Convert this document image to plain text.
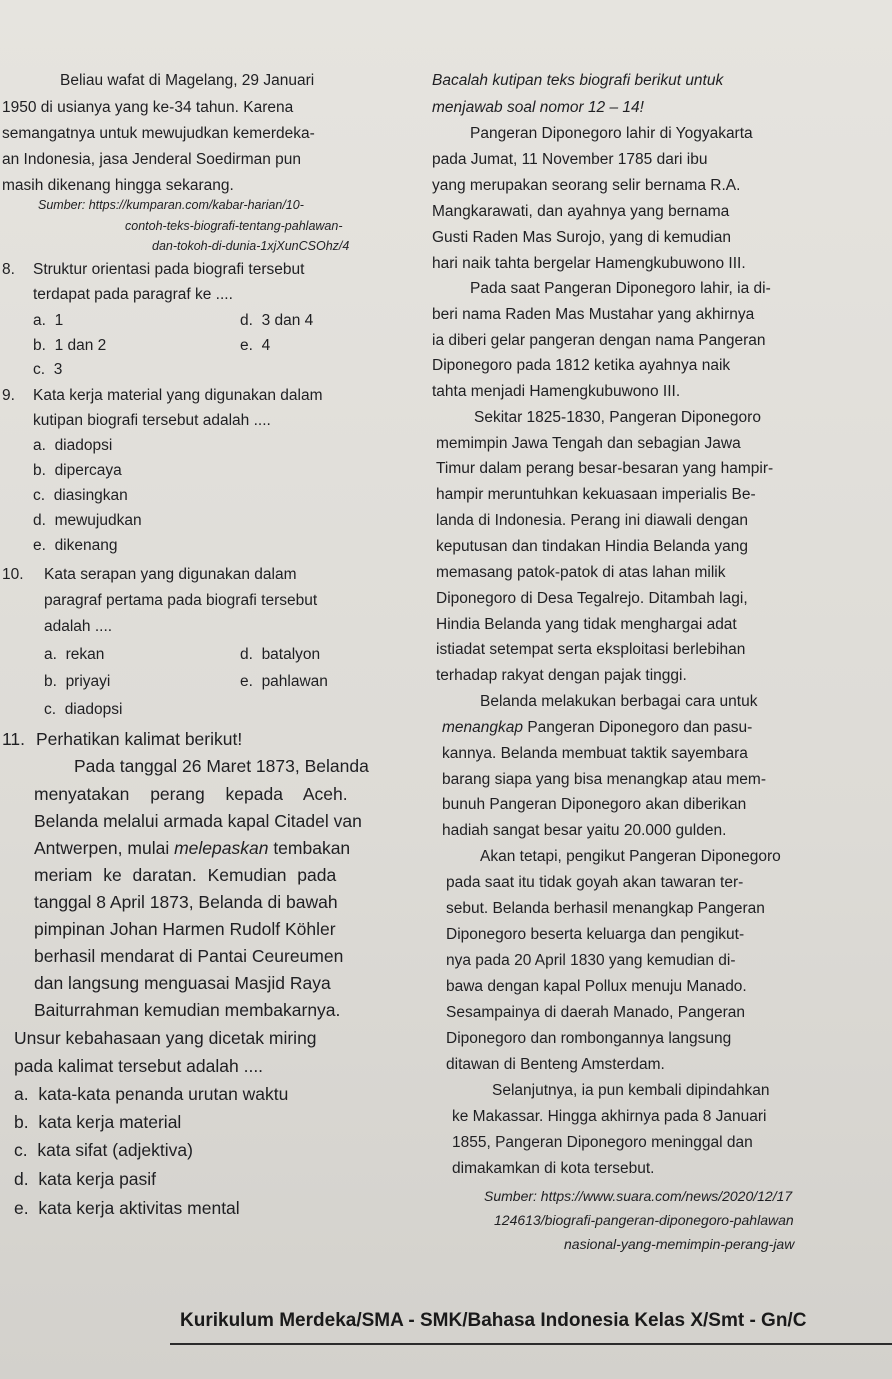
Beliau wafat di Magelang, 29 Januari
1950 di usianya yang ke-34 tahun. Karena
semangatnya untuk mewujudkan kemerdeka-
an Indonesia, jasa Jenderal Soedirman pun
masih dikenang hingga sekarang.
Sumber: https://kumparan.com/kabar-harian/10-
contoh-teks-biografi-tentang-pahlawan-
dan-tokoh-di-dunia-1xjXunCSOhz/4
8. Struktur orientasi pada biografi tersebut
terdapat pada paragraf ke ....
a. 1	d. 3 dan 4
b. 1 dan 2	e. 4
c. 3
9. Kata kerja material yang digunakan dalam
kutipan biografi tersebut adalah ....
a. diadopsi
b. dipercaya
c. diasingkan
d. mewujudkan
e. dikenang
10. Kata serapan yang digunakan dalam
paragraf pertama pada biografi tersebut
adalah ....
a. rekan	d. batalyon
b. priyayi	e. pahlawan
c. diadopsi
11. Perhatikan kalimat berikut!
Pada tanggal 26 Maret 1873, Belanda
menyatakan perang kepada Aceh.
Belanda melalui armada kapal Citadel van
Antwerpen, mulai melepaskan tembakan
meriam ke daratan. Kemudian pada
tanggal 8 April 1873, Belanda di bawah
pimpinan Johan Harmen Rudolf Köhler
berhasil mendarat di Pantai Ceureumen
dan langsung menguasai Masjid Raya
Baiturrahman kemudian membakarnya.
Unsur kebahasaan yang dicetak miring
pada kalimat tersebut adalah ....
a. kata-kata penanda urutan waktu
b. kata kerja material
c. kata sifat (adjektiva)
d. kata kerja pasif
e. kata kerja aktivitas mental
Bacalah kutipan teks biografi berikut untuk
menjawab soal nomor 12 – 14!
Pangeran Diponegoro lahir di Yogyakarta
pada Jumat, 11 November 1785 dari ibu
yang merupakan seorang selir bernama R.A.
Mangkarawati, dan ayahnya yang bernama
Gusti Raden Mas Surojo, yang di kemudian
hari naik tahta bergelar Hamengkubuwono III.
Pada saat Pangeran Diponegoro lahir, ia di-
beri nama Raden Mas Mustahar yang akhirnya
ia diberi gelar pangeran dengan nama Pangeran
Diponegoro pada 1812 ketika ayahnya naik
tahta menjadi Hamengkubuwono III.
Sekitar 1825-1830, Pangeran Diponegoro
memimpin Jawa Tengah dan sebagian Jawa
Timur dalam perang besar-besaran yang hampir-
hampir meruntuhkan kekuasaan imperialis Be-
landa di Indonesia. Perang ini diawali dengan
keputusan dan tindakan Hindia Belanda yang
memasang patok-patok di atas lahan milik
Diponegoro di Desa Tegalrejo. Ditambah lagi,
Hindia Belanda yang tidak menghargai adat
istiadat setempat serta eksploitasi berlebihan
terhadap rakyat dengan pajak tinggi.
Belanda melakukan berbagai cara untuk
menangkap Pangeran Diponegoro dan pasu-
kannya. Belanda membuat taktik sayembara
barang siapa yang bisa menangkap atau mem-
bunuh Pangeran Diponegoro akan diberikan
hadiah sangat besar yaitu 20.000 gulden.
Akan tetapi, pengikut Pangeran Diponegoro
pada saat itu tidak goyah akan tawaran ter-
sebut. Belanda berhasil menangkap Pangeran
Diponegoro beserta keluarga dan pengikut-
nya pada 20 April 1830 yang kemudian di-
bawa dengan kapal Pollux menuju Manado.
Sesampainya di daerah Manado, Pangeran
Diponegoro dan rombongannya langsung
ditawan di Benteng Amsterdam.
Selanjutnya, ia pun kembali dipindahkan
ke Makassar. Hingga akhirnya pada 8 Januari
1855, Pangeran Diponegoro meninggal dan
dimakamkan di kota tersebut.
Sumber: https://www.suara.com/news/2020/12/17
124613/biografi-pangeran-diponegoro-pahlawan
nasional-yang-memimpin-perang-jaw
Kurikulum Merdeka/SMA - SMK/Bahasa Indonesia Kelas X/Smt - Gn/C
